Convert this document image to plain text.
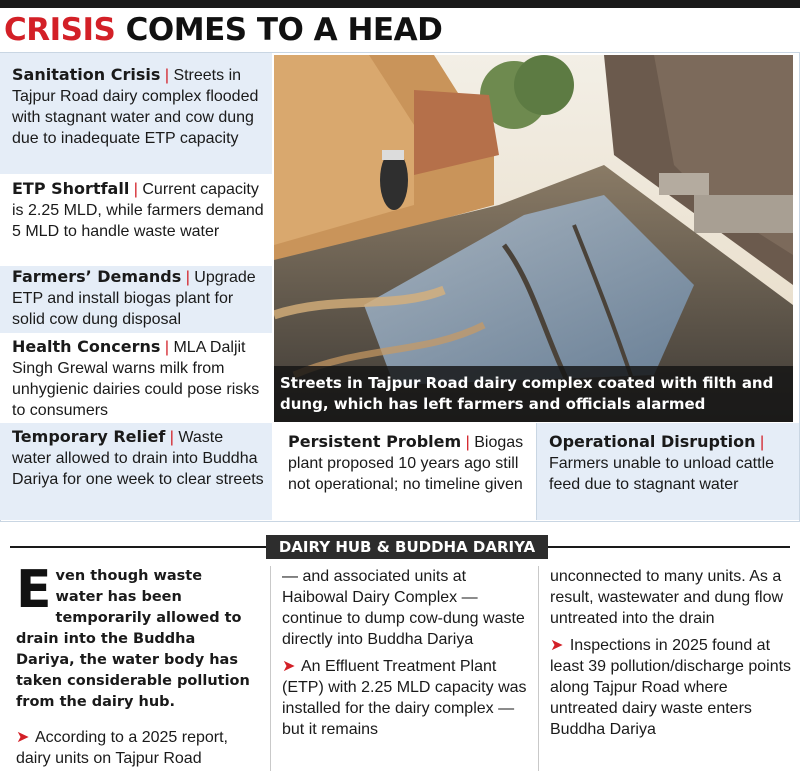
CRISIS COMES TO A HEAD
Sanitation Crisis | Streets in Tajpur Road dairy complex flooded with stagnant water and cow dung due to inadequate ETP capacity
ETP Shortfall | Current capacity is 2.25 MLD, while farmers demand 5 MLD to handle waste water
Farmers’ Demands | Upgrade ETP and install biogas plant for solid cow dung disposal
Health Concerns | MLA Daljit Singh Grewal warns milk from unhygienic dairies could pose risks to consumers
Temporary Relief | Waste water allowed to drain into Buddha Dariya for one week to clear streets
Streets in Tajpur Road dairy complex coated with filth and dung, which has left farmers and officials alarmed
Persistent Problem | Biogas plant proposed 10 years ago still not operational; no timeline given
Operational Disruption | Farmers unable to unload cattle feed due to stagnant water
DAIRY HUB & BUDDHA DARIYA

Even though waste water has been temporarily allowed to drain into the Buddha Dariya, the water body has taken considerable pollution from the dairy hub.

➤ According to a 2025 report, dairy units on Tajpur Road

— and associated units at Haibowal Dairy Complex — continue to dump cow-dung waste directly into Buddha Dariya

➤ An Effluent Treatment Plant (ETP) with 2.25 MLD capacity was installed for the dairy complex — but it remains

unconnected to many units. As a result, wastewater and dung flow untreated into the drain

➤ Inspections in 2025 found at least 39 pollution/discharge points along Tajpur Road where untreated dairy waste enters Buddha Dariya
